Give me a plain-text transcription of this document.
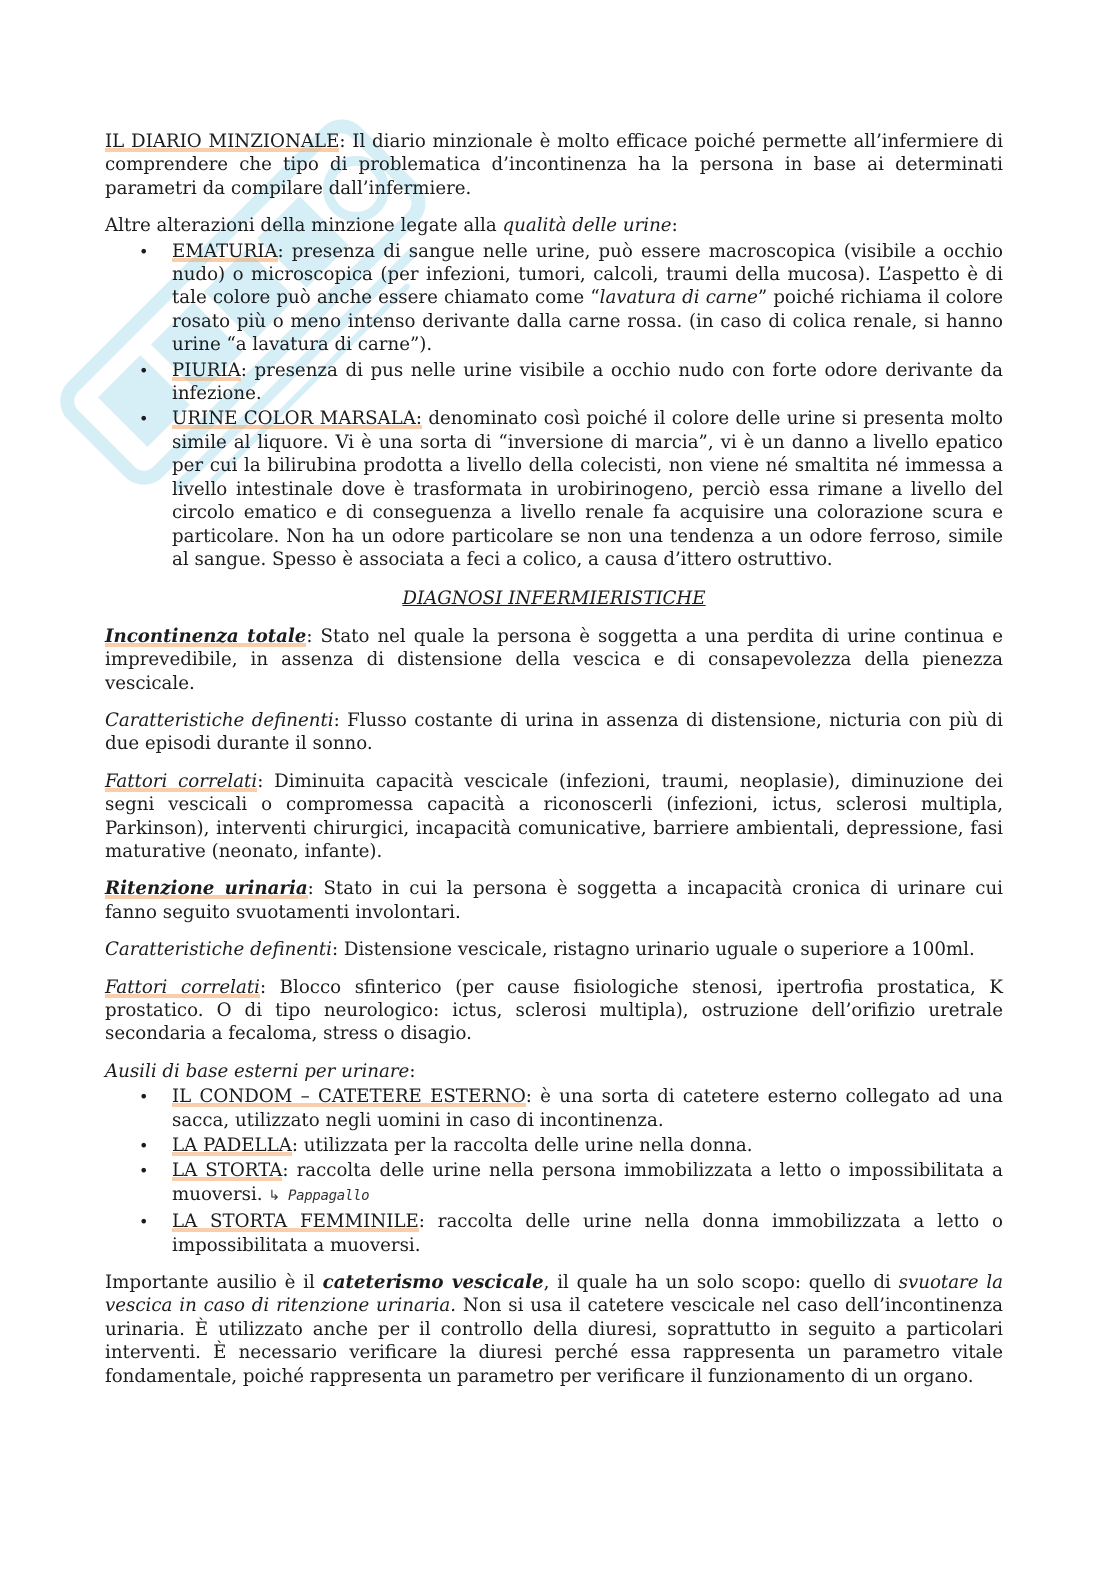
IL DIARIO MINZIONALE: Il diario minzionale è molto efficace poiché permette all’infermiere di comprendere che tipo di problematica d’incontinenza ha la persona in base ai determinati parametri da compilare dall’infermiere.

Altre alterazioni della minzione legate alla qualità delle urine:

• EMATURIA: presenza di sangue nelle urine, può essere macroscopica (visibile a occhio nudo) o microscopica (per infezioni, tumori, calcoli, traumi della mucosa). L’aspetto è di tale colore può anche essere chiamato come “lavatura di carne” poiché richiama il colore rosato più o meno intenso derivante dalla carne rossa. (in caso di colica renale, si hanno urine “a lavatura di carne”).
• PIURIA: presenza di pus nelle urine visibile a occhio nudo con forte odore derivante da infezione.
• URINE COLOR MARSALA: denominato così poiché il colore delle urine si presenta molto simile al liquore. Vi è una sorta di “inversione di marcia”, vi è un danno a livello epatico per cui la bilirubina prodotta a livello della colecisti, non viene né smaltita né immessa a livello intestinale dove è trasformata in urobirinogeno, perciò essa rimane a livello del circolo ematico e di conseguenza a livello renale fa acquisire una colorazione scura e particolare. Non ha un odore particolare se non una tendenza a un odore ferroso, simile al sangue. Spesso è associata a feci a colico, a causa d’ittero ostruttivo.

DIAGNOSI INFERMIERISTICHE

Incontinenza totale: Stato nel quale la persona è soggetta a una perdita di urine continua e imprevedibile, in assenza di distensione della vescica e di consapevolezza della pienezza vescicale.

Caratteristiche definenti: Flusso costante di urina in assenza di distensione, nicturia con più di due episodi durante il sonno.

Fattori correlati: Diminuita capacità vescicale (infezioni, traumi, neoplasie), diminuzione dei segni vescicali o compromessa capacità a riconoscerli (infezioni, ictus, sclerosi multipla, Parkinson), interventi chirurgici, incapacità comunicative, barriere ambientali, depressione, fasi maturative (neonato, infante).

Ritenzione urinaria: Stato in cui la persona è soggetta a incapacità cronica di urinare cui fanno seguito svuotamenti involontari.

Caratteristiche definenti: Distensione vescicale, ristagno urinario uguale o superiore a 100ml.

Fattori correlati: Blocco sfinterico (per cause fisiologiche stenosi, ipertrofia prostatica, K prostatico. O di tipo neurologico: ictus, sclerosi multipla), ostruzione dell’orifizio uretrale secondaria a fecaloma, stress o disagio.

Ausili di base esterni per urinare:

• IL CONDOM – CATETERE ESTERNO: è una sorta di catetere esterno collegato ad una sacca, utilizzato negli uomini in caso di incontinenza.
• LA PADELLA: utilizzata per la raccolta delle urine nella donna.
• LA STORTA: raccolta delle urine nella persona immobilizzata a letto o impossibilitata a muoversi. ↳ Pappagallo
• LA STORTA FEMMINILE: raccolta delle urine nella donna immobilizzata a letto o impossibilitata a muoversi.

Importante ausilio è il cateterismo vescicale, il quale ha un solo scopo: quello di svuotare la vescica in caso di ritenzione urinaria. Non si usa il catetere vescicale nel caso dell’incontinenza urinaria. È utilizzato anche per il controllo della diuresi, soprattutto in seguito a particolari interventi. È necessario verificare la diuresi perché essa rappresenta un parametro vitale fondamentale, poiché rappresenta un parametro per verificare il funzionamento di un organo.
